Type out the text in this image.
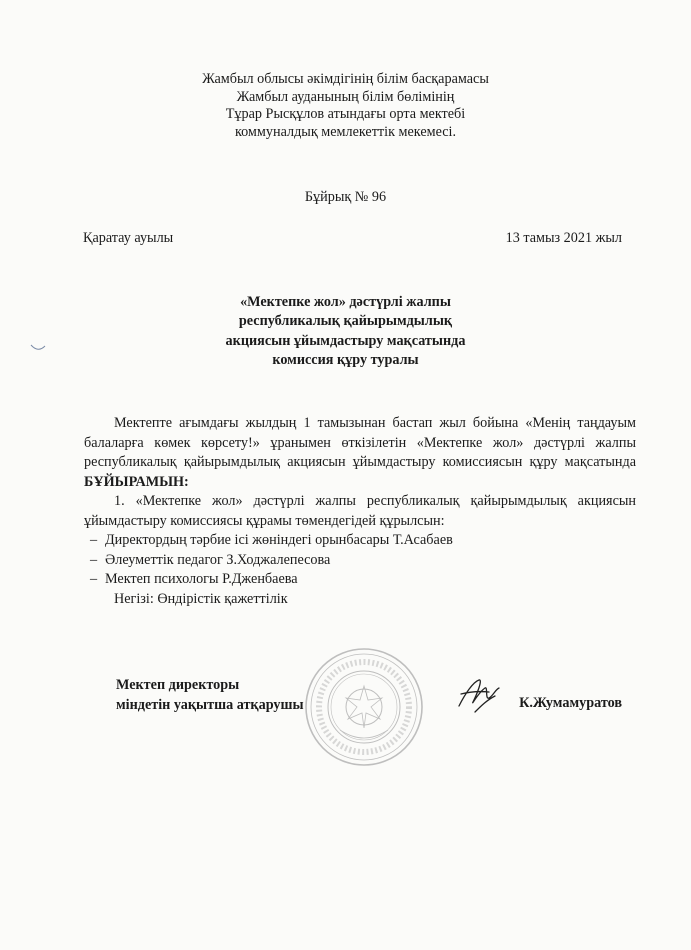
Жамбыл облысы әкімдігінің білім басқарамасы
Жамбыл ауданының білім бөлімінің
Тұрар Рысқұлов атындағы орта мектебі
коммуналдық мемлекеттік мекемесі.
Бұйрық № 96
Қаратау ауылы	13 тамыз 2021 жыл
«Мектепке жол» дәстүрлі жалпы
республикалық қайырымдылық
акциясын ұйымдастыру мақсатында
комиссия құру туралы

Мектепте ағымдағы жылдың 1 тамызынан бастап жыл бойына «Менің таңдауым балаларға көмек көрсету!» ұранымен өткізілетін «Мектепке жол» дәстүрлі жалпы республикалық қайырымдылық акциясын ұйымдастыру комиссиясын құру мақсатында БҰЙЫРАМЫН:

1. «Мектепке жол» дәстүрлі жалпы республикалық қайырымдылық акциясын ұйымдастыру комиссиясы құрамы төмендегідей құрылсын:

– Директордың тәрбие ісі жөніндегі орынбасары Т.Асабаев
– Әлеуметтік педагог З.Ходжалепесова
– Мектеп психологы Р.Дженбаева

Негізі: Өндірістік қажеттілік

Мектеп директоры
міндетін уақытша атқарушы	К.Жумамуратов
